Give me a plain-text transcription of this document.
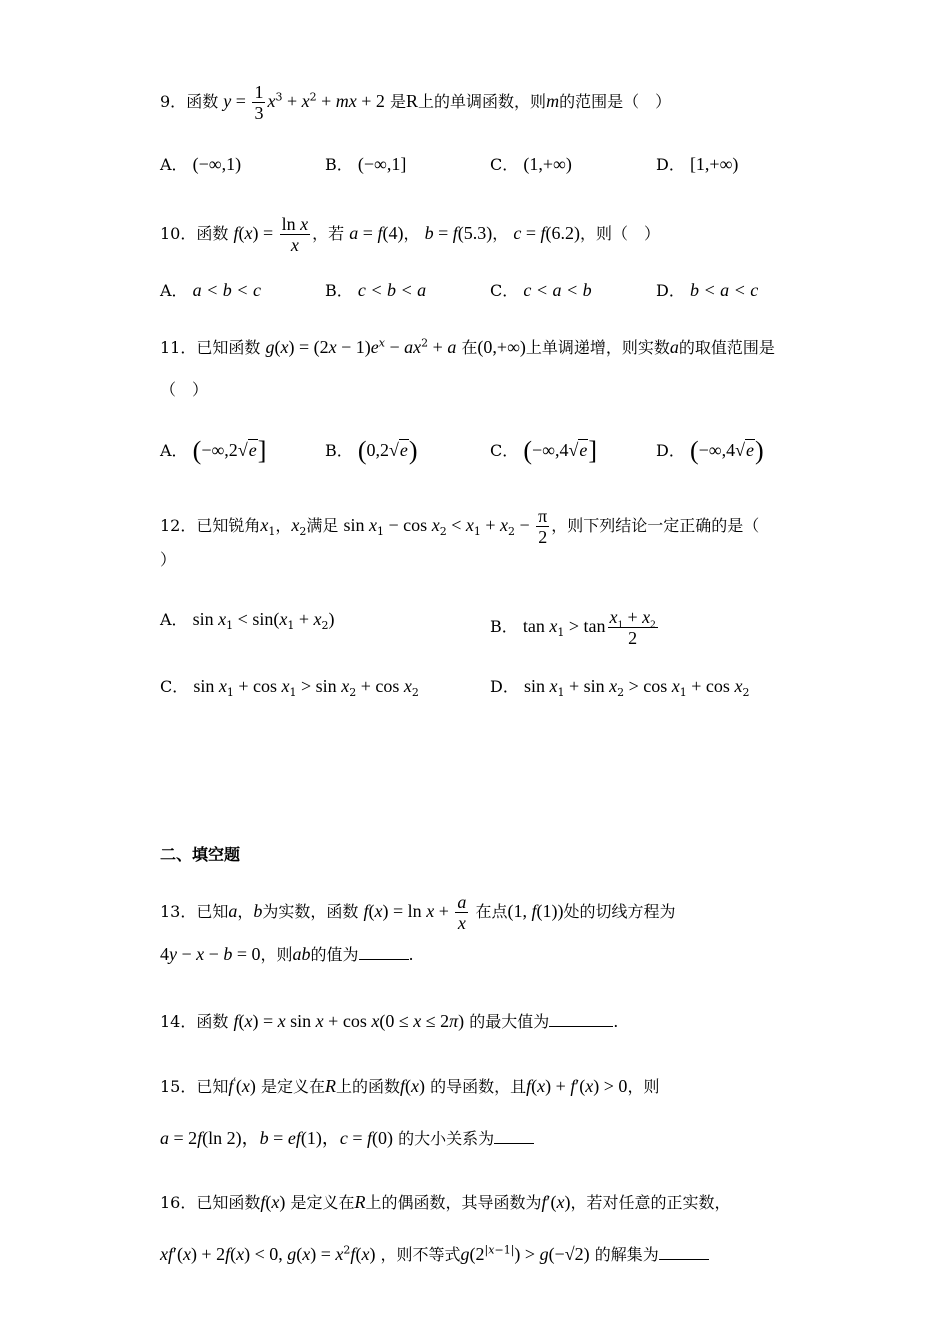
9．函数 $y = \frac{1}{3} x^3 + x^2$ + mx + 2 是R上的单调函数，则m的范围是（　）
A． (−∞,1)	B． (−∞,1]	C． (1,+∞)	D． [1,+∞)
10．函数 $f(x) = \frac{\text{ln x}}{x}$ ，若 a = f(4)， b = f(5.3)， c = f(6.2)，则（　）
A． a < b < c	B． c < b < a	C． c < a < b	D． b < a < c
11．已知函数 $g(x) = (2x - 1)e^x - ax^2 + a$ 在(0,+∞)上单调递增，则实数a的取值范围是
（　）
A． (−∞,2√e]	B． (0,2√e)	C． (−∞,4√e]	D． (−∞,4√e)
12．已知锐角$x_1$，$x_2$满足 $\sin x_1 - \cos x_2 < x_1 + x_2 - \frac{\pi}{2}$ ，则下列结论一定正确的是（
）
A． $\sin x_1 < \sin(x_1 + x_2)$	B． $\tan x_1 > \tan \frac{x_1 + x_2}{2}$
C． $\sin x_1 + \cos x_1 > \sin x_2 + \cos x_2$	D． $\sin x_1 + \sin x_2 > \cos x_1 + \cos x_2$
二、填空题
13．已知a，b为实数，函数 $f(x) = \ln x + \frac{a}{x}$ 在点(1, f(1))处的切线方程为
4y − x − b = 0，则ab的值为	.
14．函数 f(x) = x sin x + cos x(0 ≤ x ≤ 2π) 的最大值为	.
15．已知f′(x) 是定义在R上的函数f(x) 的导函数，且f(x) + f′(x) > 0，则
a = 2f(ln 2)，b = ef(1)，c = f(0) 的大小关系为
16．已知函数f(x) 是定义在R上的偶函数，其导函数为f′(x)，若对任意的正实数，
xf′(x) + 2f(x) < 0, $g(x) = x^2f(x)$ ，则不等式$g(2^{|x-1|}) > g(-√2)$ 的解集为
